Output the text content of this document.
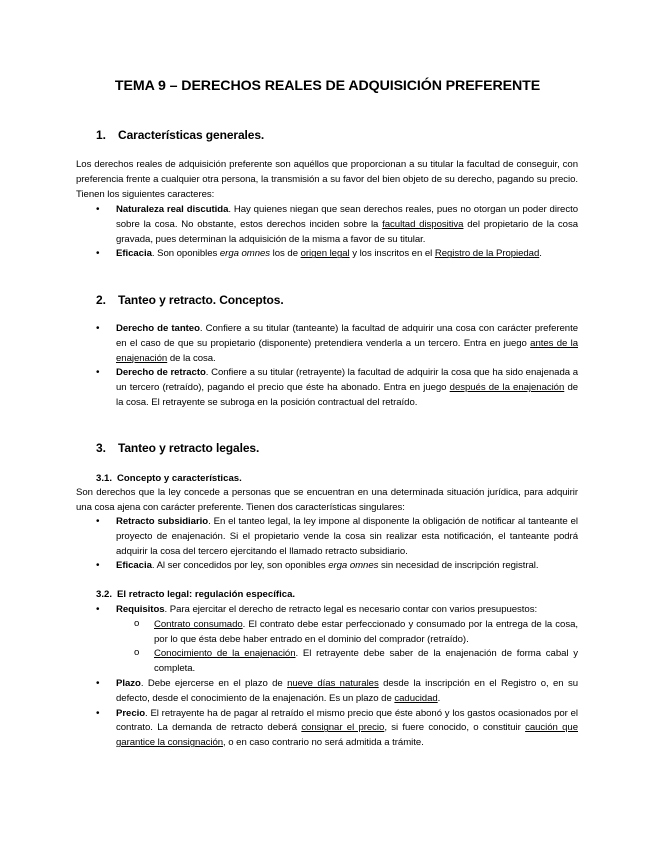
TEMA 9 – DERECHOS REALES DE ADQUISICIÓN PREFERENTE
1. Características generales.
Los derechos reales de adquisición preferente son aquéllos que proporcionan a su titular la facultad de conseguir, con preferencia frente a cualquier otra persona, la transmisión a su favor del bien objeto de su derecho, pagando su precio. Tienen los siguientes caracteres:
• Naturaleza real discutida. Hay quienes niegan que sean derechos reales, pues no otorgan un poder directo sobre la cosa. No obstante, estos derechos inciden sobre la facultad dispositiva del propietario de la cosa gravada, pues determinan la adquisición de la misma a favor de su titular.
• Eficacia. Son oponibles erga omnes los de origen legal y los inscritos en el Registro de la Propiedad.
2. Tanteo y retracto. Conceptos.
• Derecho de tanteo. Confiere a su titular (tanteante) la facultad de adquirir una cosa con carácter preferente en el caso de que su propietario (disponente) pretendiera venderla a un tercero. Entra en juego antes de la enajenación de la cosa.
• Derecho de retracto. Confiere a su titular (retrayente) la facultad de adquirir la cosa que ha sido enajenada a un tercero (retraído), pagando el precio que éste ha abonado. Entra en juego después de la enajenación de la cosa. El retrayente se subroga en la posición contractual del retraído.
3. Tanteo y retracto legales.
3.1. Concepto y características.
Son derechos que la ley concede a personas que se encuentran en una determinada situación jurídica, para adquirir una cosa ajena con carácter preferente. Tienen dos características singulares:
• Retracto subsidiario. En el tanteo legal, la ley impone al disponente la obligación de notificar al tanteante el proyecto de enajenación. Si el propietario vende la cosa sin realizar esta notificación, el tanteante podrá adquirir la cosa del tercero ejercitando el llamado retracto subsidiario.
• Eficacia. Al ser concedidos por ley, son oponibles erga omnes sin necesidad de inscripción registral.
3.2. El retracto legal: regulación específica.
• Requisitos. Para ejercitar el derecho de retracto legal es necesario contar con varios presupuestos:
o Contrato consumado. El contrato debe estar perfeccionado y consumado por la entrega de la cosa, por lo que ésta debe haber entrado en el dominio del comprador (retraído).
o Conocimiento de la enajenación. El retrayente debe saber de la enajenación de forma cabal y completa.
• Plazo. Debe ejercerse en el plazo de nueve días naturales desde la inscripción en el Registro o, en su defecto, desde el conocimiento de la enajenación. Es un plazo de caducidad.
• Precio. El retrayente ha de pagar al retraído el mismo precio que éste abonó y los gastos ocasionados por el contrato. La demanda de retracto deberá consignar el precio, si fuere conocido, o constituir caución que garantice la consignación, o en caso contrario no será admitida a trámite.
